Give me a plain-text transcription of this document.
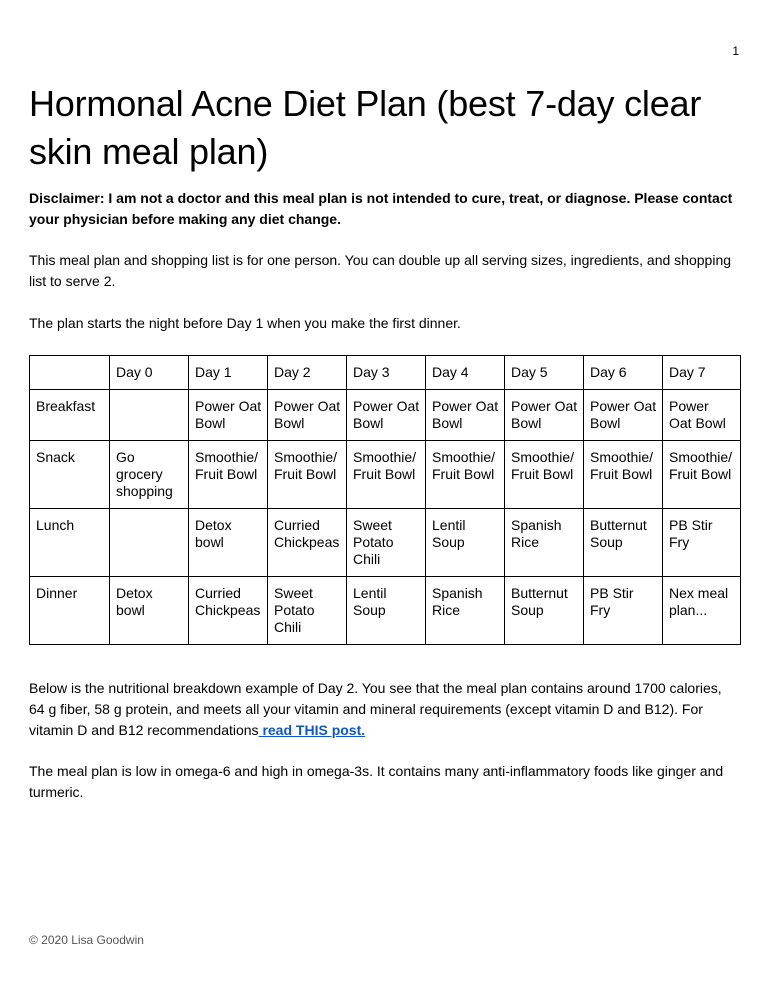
1
Hormonal Acne Diet Plan (best 7-day clear skin meal plan)

Disclaimer: I am not a doctor and this meal plan is not intended to cure, treat, or diagnose. Please contact your physician before making any diet change.

This meal plan and shopping list is for one person. You can double up all serving sizes, ingredients, and shopping list to serve 2.

The plan starts the night before Day 1 when you make the first dinner.

	Day 0	Day 1	Day 2	Day 3	Day 4	Day 5	Day 6	Day 7
Breakfast		Power Oat Bowl	Power Oat Bowl	Power Oat Bowl	Power Oat Bowl	Power Oat Bowl	Power Oat Bowl	Power Oat Bowl
Snack	Go grocery shopping	Smoothie/ Fruit Bowl	Smoothie/ Fruit Bowl	Smoothie/ Fruit Bowl	Smoothie/ Fruit Bowl	Smoothie/ Fruit Bowl	Smoothie/ Fruit Bowl	Smoothie/ Fruit Bowl
Lunch		Detox bowl	Curried Chickpeas	Sweet Potato Chili	Lentil Soup	Spanish Rice	Butternut Soup	PB Stir Fry
Dinner	Detox bowl	Curried Chickpeas	Sweet Potato Chili	Lentil Soup	Spanish Rice	Butternut Soup	PB Stir Fry	Nex meal plan...

Below is the nutritional breakdown example of Day 2. You see that the meal plan contains around 1700 calories, 64 g fiber, 58 g protein, and meets all your vitamin and mineral requirements (except vitamin D and B12). For vitamin D and B12 recommendations read THIS post.

The meal plan is low in omega-6 and high in omega-3s. It contains many anti-inflammatory foods like ginger and turmeric.

© 2020 Lisa Goodwin
